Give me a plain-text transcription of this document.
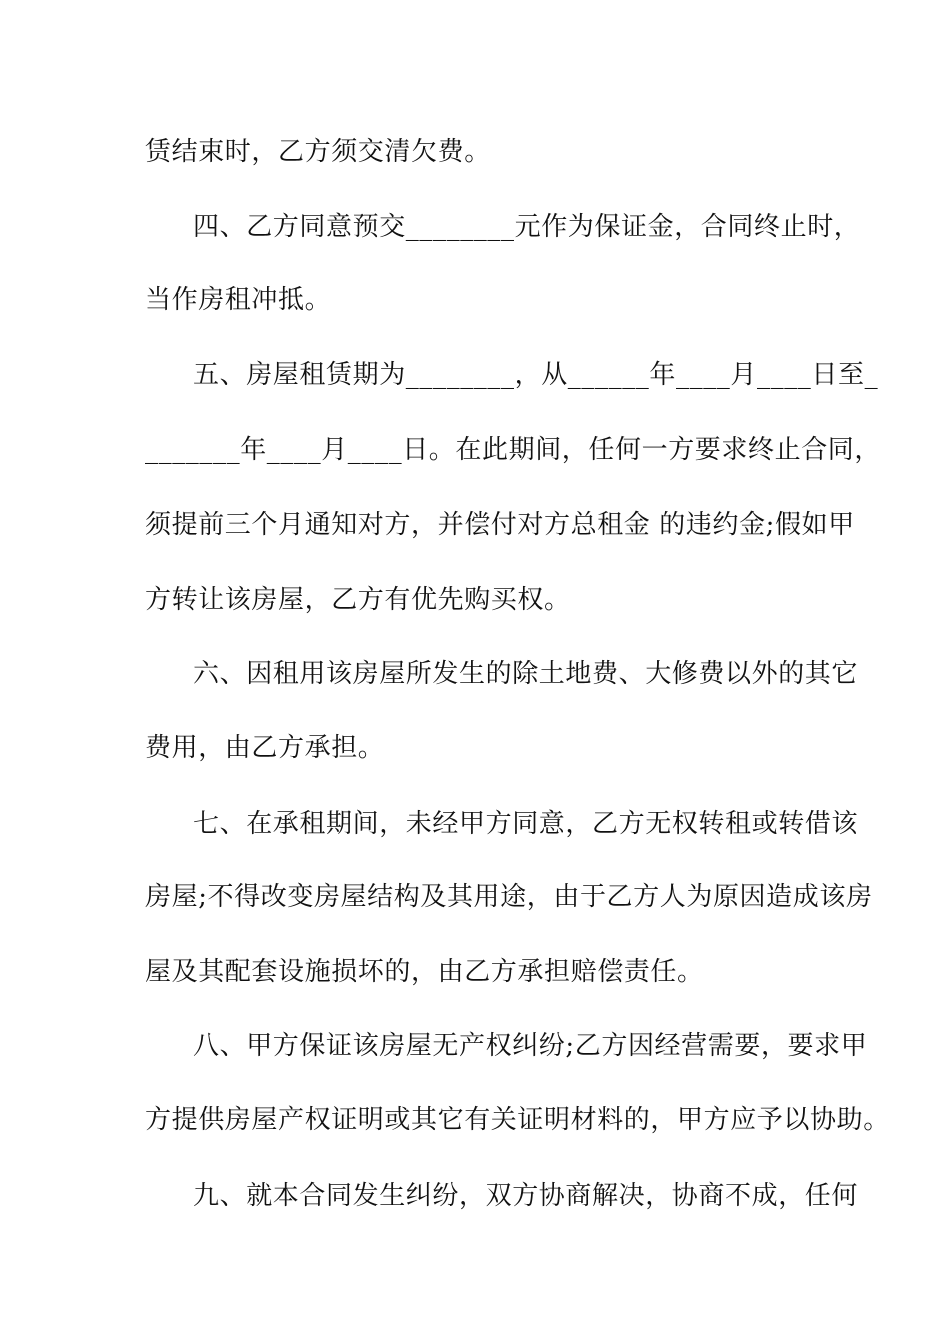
赁结束时，乙方须交清欠费。

四、乙方同意预交________元作为保证金，合同终止时，

当作房租冲抵。

五、房屋租赁期为________，从______年____月____日至_

_______年____月____日。在此期间，任何一方要求终止合同，

须提前三个月通知对方，并偿付对方总租金 的违约金;假如甲

方转让该房屋，乙方有优先购买权。

六、因租用该房屋所发生的除土地费、大修费以外的其它

费用，由乙方承担。

七、在承租期间，未经甲方同意，乙方无权转租或转借该

房屋;不得改变房屋结构及其用途，由于乙方人为原因造成该房

屋及其配套设施损坏的，由乙方承担赔偿责任。

八、甲方保证该房屋无产权纠纷;乙方因经营需要，要求甲

方提供房屋产权证明或其它有关证明材料的，甲方应予以协助。

九、就本合同发生纠纷，双方协商解决，协商不成，任何
